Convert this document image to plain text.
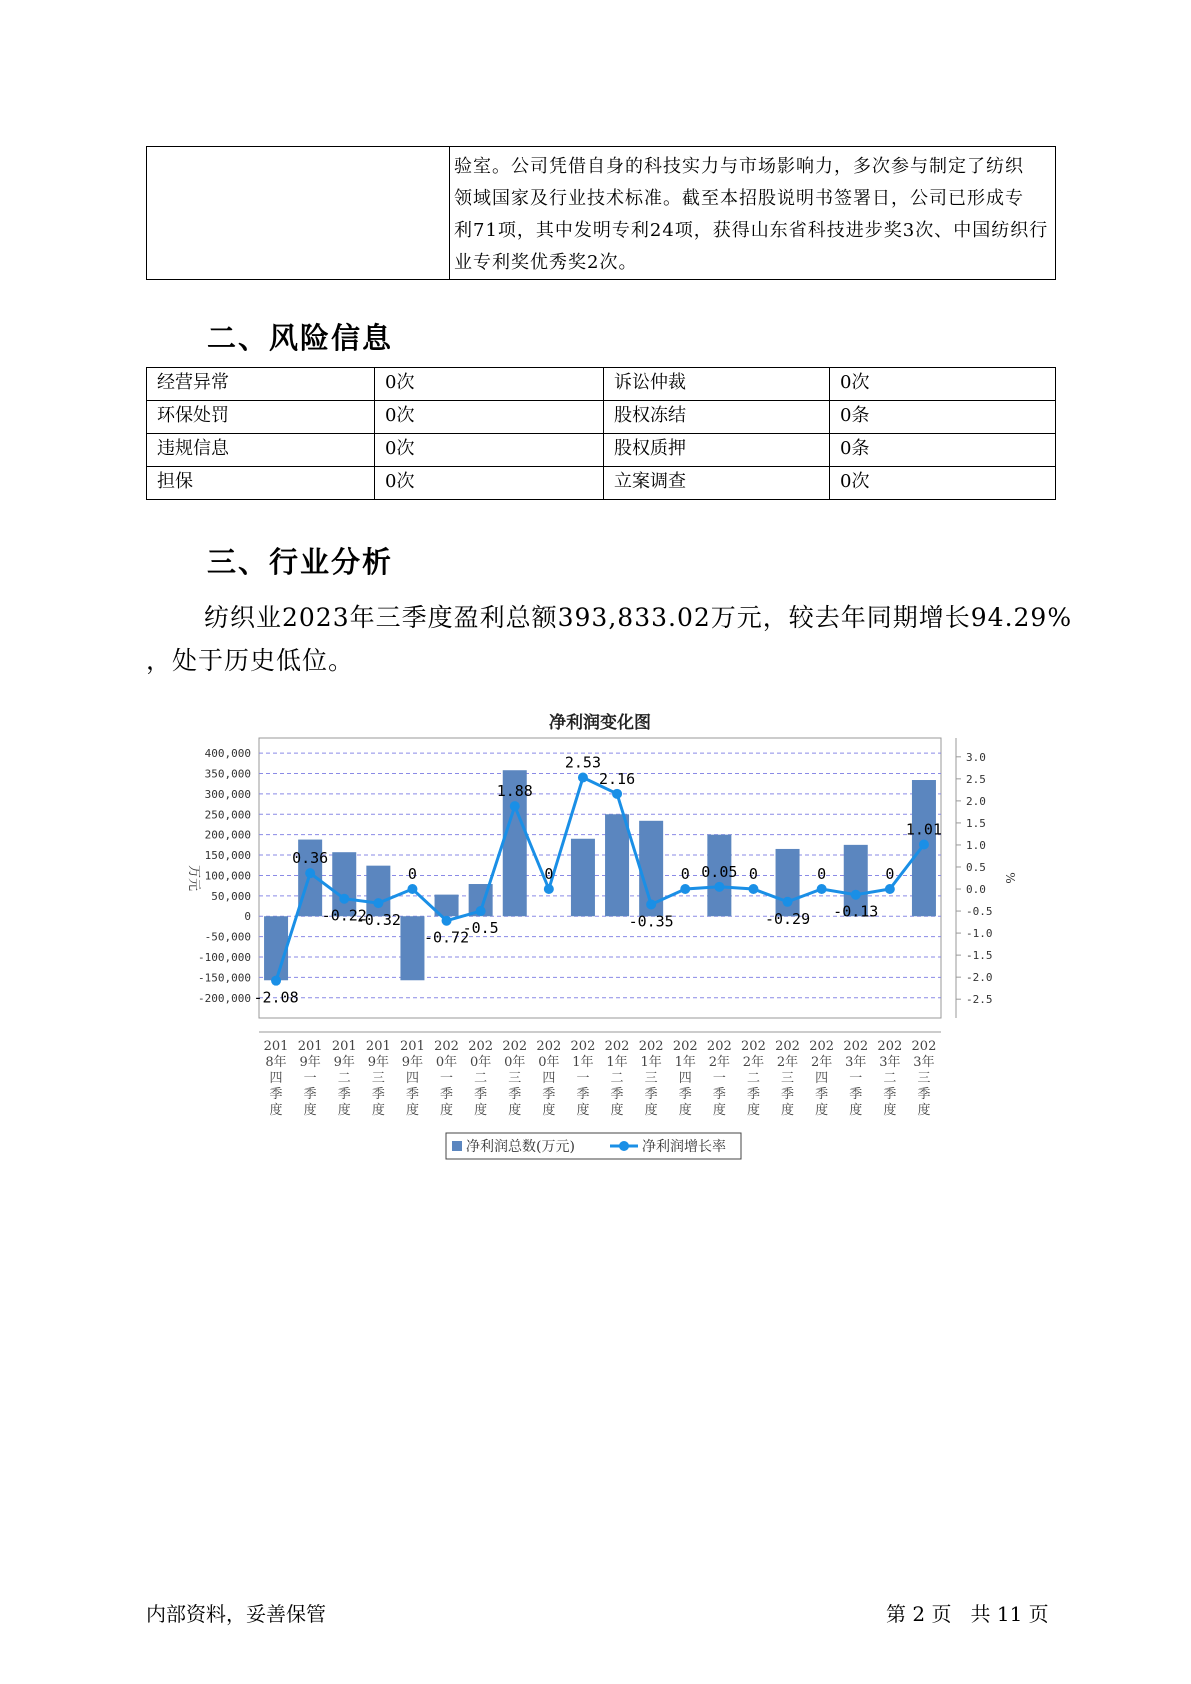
验室。公司凭借自身的科技实力与市场影响力，多次参与制定了纺织
领域国家及行业技术标准。截至本招股说明书签署日，公司已形成专
利71项，其中发明专利24项，获得山东省科技进步奖3次、中国纺织行
业专利奖优秀奖2次。
二、风险信息
经营异常	0次	诉讼仲裁	0次
环保处罚	0次	股权冻结	0条
违规信息	0次	股权质押	0条
担保	0次	立案调查	0次
三、行业分析
纺织业2023年三季度盈利总额393,833.02万元，较去年同期增长94.29%
，处于历史低位。
净利润变化图
400,000
350,000
300,000
250,000
200,000
150,000
100,000
50,000
0
-50,000
-100,000
-150,000
-200,000
3.0
2.5
2.0
1.5
1.0
0.5
0.0
-0.5
-1.0
-1.5
-2.0
-2.5
万元	%
-2.08
0.36
-0.22
-0.32
0
-0.72
-0.5
1.88
0
2.53
2.16
-0.35
0 0.05 0
-0.29
0
-0.13
0
1.01
201
8年
四
季
度
201
9年
一
季
度
201
9年
二
季
度
201
9年
三
季
度
201
9年
四
季
度
202
0年
一
季
度
202
0年
二
季
度
202
0年
三
季
度
202
0年
四
季
度
202
1年
一
季
度
202
1年
二
季
度
202
1年
三
季
度
202
1年
四
季
度
202
2年
一
季
度
202
2年
二
季
度
202
2年
三
季
度
202
2年
四
季
度
202
3年
一
季
度
202
3年
二
季
度
202
3年
三
季
度
净利润总数(万元)	净利润增长率
内部资料，妥善保管	第 2 页   共 11 页
